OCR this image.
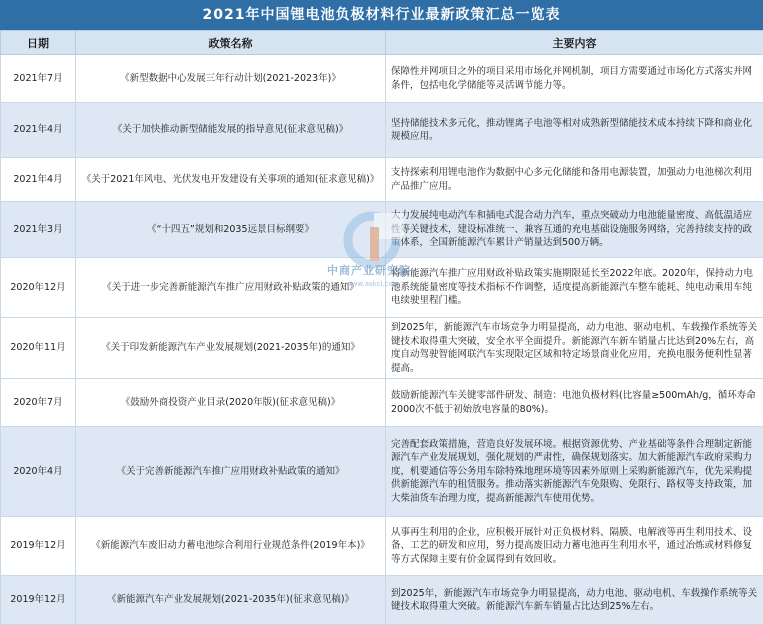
2021年中国锂电池负极材料行业最新政策汇总一览表
日期	政策名称	主要内容
2021年7月	《新型数据中心发展三年行动计划(2021-2023年)》	保障性并网项目之外的项目采用市场化并网机制，项目方需要通过市场化方式落实并网条件，包括电化学储能等灵活调节能力等。
2021年4月	《关于加快推动新型储能发展的指导意见(征求意见稿)》	坚持储能技术多元化，推动锂离子电池等相对成熟新型储能技术成本持续下降和商业化规模应用。
2021年4月	《关于2021年风电、光伏发电开发建设有关事项的通知(征求意见稿)》	支持探索利用锂电池作为数据中心多元化储能和备用电源装置，加强动力电池梯次利用产品推广应用。
2021年3月	《“十四五”规划和2035远景目标纲要》	大力发展纯电动汽车和插电式混合动力汽车，重点突破动力电池能量密度、高低温适应性等关键技术，建设标准统一、兼容互通的充电基础设施服务网络，完善持续支持的政策体系，全国新能源汽车累计产销量达到500万辆。
2020年12月	《关于进一步完善新能源汽车推广应用财政补贴政策的通知》	将新能源汽车推广应用财政补贴政策实施期限延长至2022年底。2020年，保持动力电池系统能量密度等技术指标不作调整，适度提高新能源汽车整车能耗、纯电动乘用车纯电续驶里程门槛。
2020年11月	《关于印发新能源汽车产业发展规划(2021-2035年)的通知》	到2025年，新能源汽车市场竞争力明显提高，动力电池、驱动电机、车载操作系统等关键技术取得重大突破，安全水平全面提升。新能源汽车新车销量占比达到20%左右，高度自动驾驶智能网联汽车实现限定区域和特定场景商业化应用，充换电服务便利性显著提高。
2020年7月	《鼓励外商投资产业目录(2020年版)(征求意见稿)》	鼓励新能源汽车关键零部件研发、制造：电池负极材料(比容量≥500mAh/g，循环寿命2000次不低于初始放电容量的80%)。
2020年4月	《关于完善新能源汽车推广应用财政补贴政策的通知》	完善配套政策措施，营造良好发展环境。根据资源优势、产业基础等条件合理制定新能源汽车产业发展规划，强化规划的严肃性，确保规划落实。加大新能源汽车政府采购力度，机要通信等公务用车除特殊地理环境等因素外原则上采购新能源汽车，优先采购提供新能源汽车的租赁服务。推动落实新能源汽车免限购、免限行、路权等支持政策，加大柴油货车治理力度，提高新能源汽车使用优势。
2019年12月	《新能源汽车废旧动力蓄电池综合利用行业规范条件(2019年本)》	从事再生利用的企业，应积极开展针对正负极材料、隔膜、电解液等再生利用技术、设备、工艺的研发和应用，努力提高废旧动力蓄电池再生利用水平，通过冶炼或材料修复等方式保障主要有价金属得到有效回收。
2019年12月	《新能源汽车产业发展规划(2021-2035年)(征求意见稿)》	到2025年，新能源汽车市场竞争力明显提高，动力电池、驱动电机、车载操作系统等关键技术取得重大突破。新能源汽车新车销量占比达到25%左右。
中商产业研究院
www.askci.com
